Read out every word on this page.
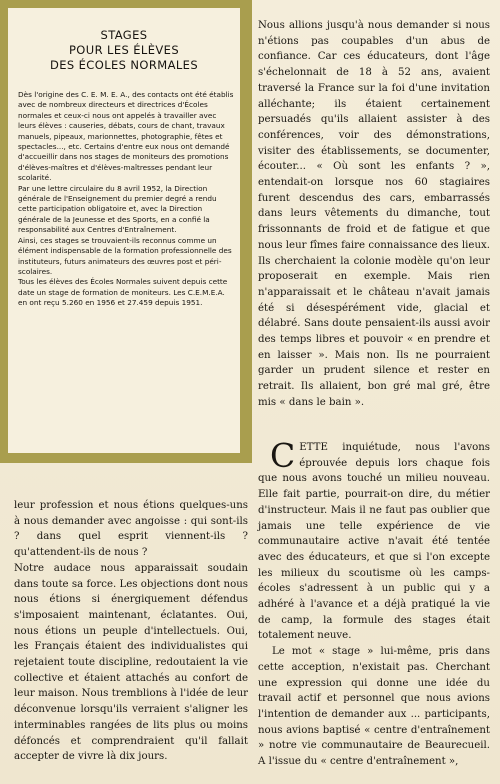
STAGES
POUR LES ÉLÈVES
DES ÉCOLES NORMALES

Dès l'origine des C. E. M. E. A., des contacts ont été établis avec de nombreux directeurs et directrices d'Écoles normales et ceux-ci nous ont appelés à travailler avec leurs élèves : causeries, débats, cours de chant, travaux manuels, pipeaux, marionnettes, photographie, fêtes et spectacles..., etc. Certains d'entre eux nous ont demandé d'accueillir dans nos stages de moniteurs des promotions d'élèves-maîtres et d'élèves-maîtresses pendant leur scolarité.

Par une lettre circulaire du 8 avril 1952, la Direction générale de l'Enseignement du premier degré a rendu cette participation obligatoire et, avec la Direction générale de la Jeunesse et des Sports, en a confié la responsabilité aux Centres d'Entraînement.

Ainsi, ces stages se trouvaient-ils reconnus comme un élément indispensable de la formation professionnelle des instituteurs, futurs animateurs des œuvres post et péri-scolaires.

Tous les élèves des Écoles Normales suivent depuis cette date un stage de formation de moniteurs. Les C.E.M.E.A. en ont reçu 5.260 en 1956 et 27.459 depuis 1951.

Nous allions jusqu'à nous demander si nous n'étions pas coupables d'un abus de confiance. Car ces éducateurs, dont l'âge s'échelonnait de 18 à 52 ans, avaient traversé la France sur la foi d'une invitation alléchante; ils étaient certainement persuadés qu'ils allaient assister à des conférences, voir des démonstrations, visiter des établissements, se documenter, écouter... « Où sont les enfants ? », entendait-on lorsque nos 60 stagiaires furent descendus des cars, embarrassés dans leurs vêtements du dimanche, tout frissonnants de froid et de fatigue et que nous leur fîmes faire connaissance des lieux. Ils cherchaient la colonie modèle qu'on leur proposerait en exemple. Mais rien n'apparaissait et le château n'avait jamais été si désespérément vide, glacial et délabré. Sans doute pensaient-ils aussi avoir des temps libres et pouvoir « en prendre et en laisser ». Mais non. Ils ne pourraient garder un prudent silence et rester en retrait. Ils allaient, bon gré mal gré, être mis « dans le bain ».

leur profession et nous étions quelques-uns à nous demander avec angoisse : qui sont-ils ? dans quel esprit viennent-ils ? qu'attendent-ils de nous ?

Notre audace nous apparaissait soudain dans toute sa force. Les objections dont nous nous étions si énergiquement défendus s'imposaient maintenant, éclatantes. Oui, nous étions un peuple d'intellectuels. Oui, les Français étaient des individualistes qui rejetaient toute discipline, redoutaient la vie collective et étaient attachés au confort de leur maison. Nous tremblions à l'idée de leur déconvenue lorsqu'ils verraient s'aligner les interminables rangées de lits plus ou moins défoncés et comprendraient qu'il fallait accepter de vivre là dix jours.

CETTE inquiétude, nous l'avons éprouvée depuis lors chaque fois que nous avons touché un milieu nouveau. Elle fait partie, pourrait-on dire, du métier d'instructeur. Mais il ne faut pas oublier que jamais une telle expérience de vie communautaire active n'avait été tentée avec des éducateurs, et que si l'on excepte les milieux du scoutisme où les camps-écoles s'adressent à un public qui y a adhéré à l'avance et a déjà pratiqué la vie de camp, la formule des stages était totalement neuve.

Le mot « stage » lui-même, pris dans cette acception, n'existait pas. Cherchant une expression qui donne une idée du travail actif et personnel que nous avions l'intention de demander aux ... participants, nous avions baptisé « centre d'entraînement » notre vie communautaire de Beaurecueil. A l'issue du « centre d'entraînement »,
